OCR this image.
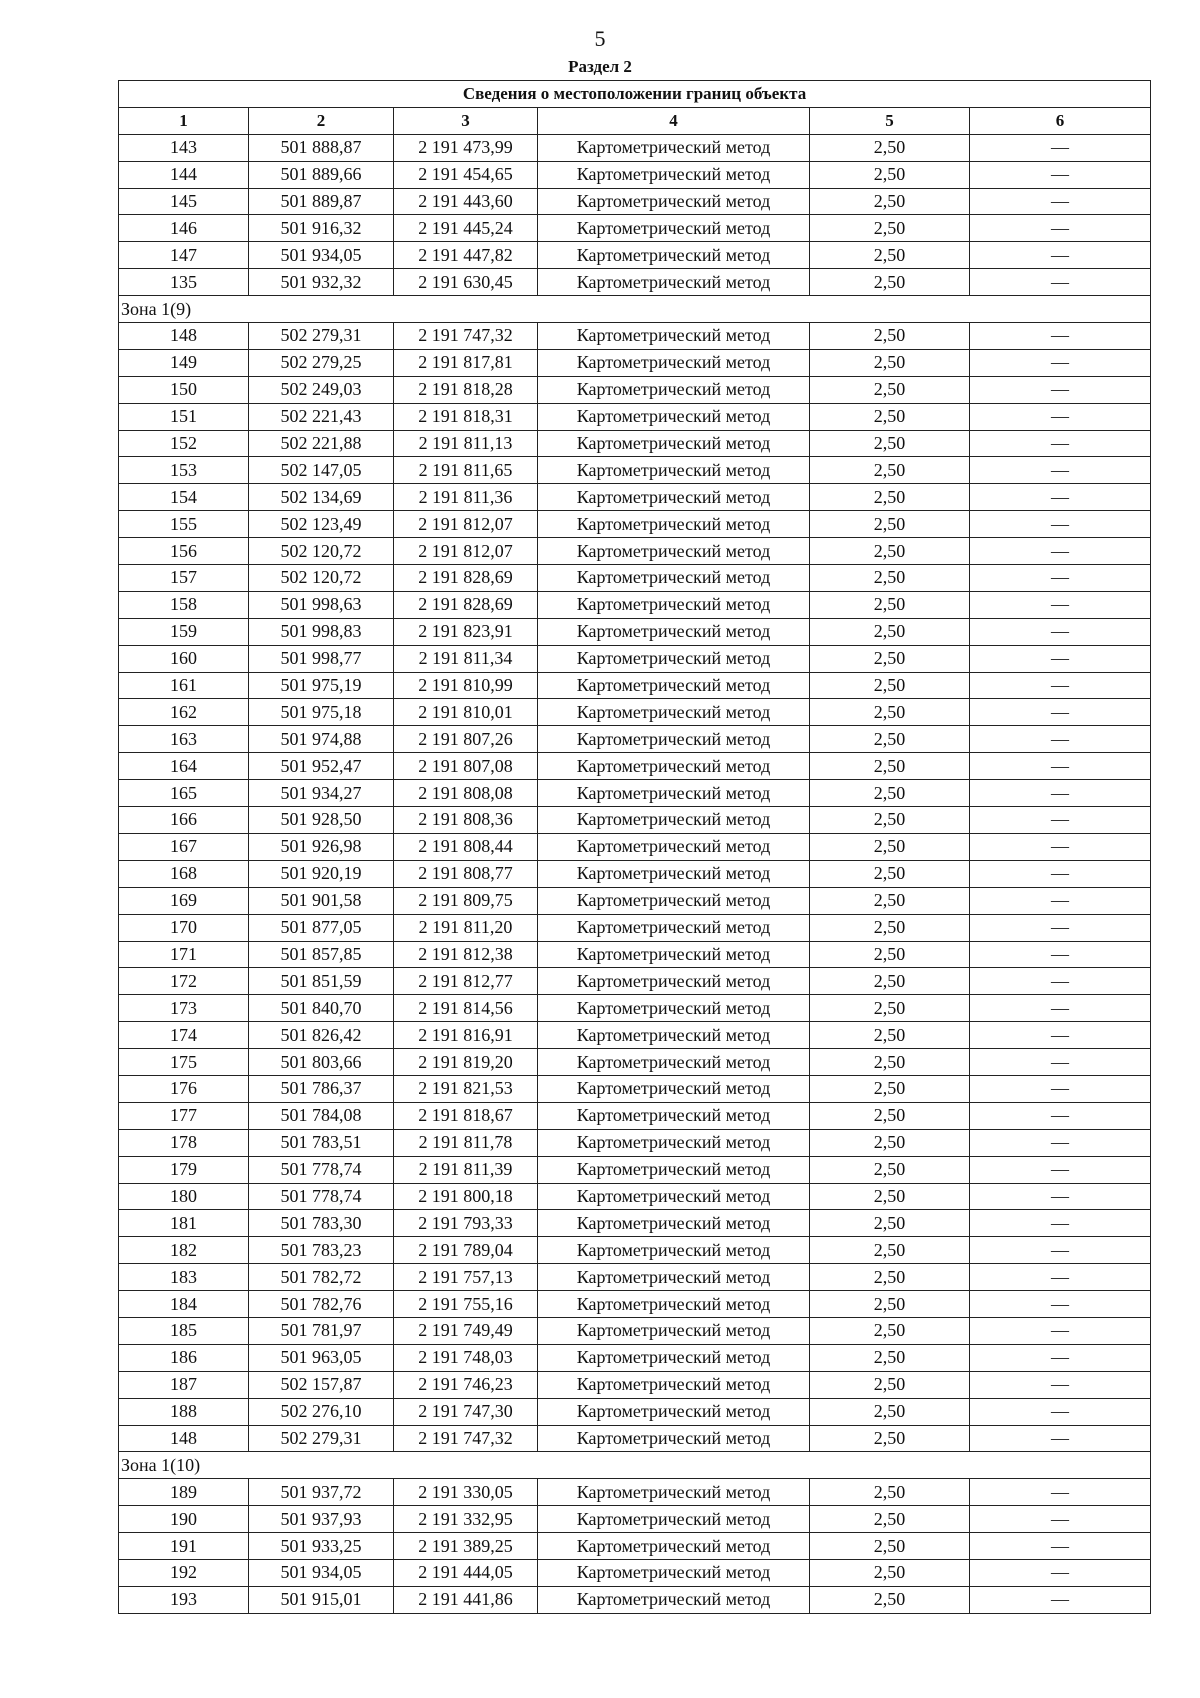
5
Раздел 2
Сведения о местоположении границ объекта					
1	2	3	4	5	6
143	501 888,87	2 191 473,99	Картометрический метод	2,50	—
144	501 889,66	2 191 454,65	Картометрический метод	2,50	—
145	501 889,87	2 191 443,60	Картометрический метод	2,50	—
146	501 916,32	2 191 445,24	Картометрический метод	2,50	—
147	501 934,05	2 191 447,82	Картометрический метод	2,50	—
135	501 932,32	2 191 630,45	Картометрический метод	2,50	—
Зона 1(9)					
148	502 279,31	2 191 747,32	Картометрический метод	2,50	—
149	502 279,25	2 191 817,81	Картометрический метод	2,50	—
150	502 249,03	2 191 818,28	Картометрический метод	2,50	—
151	502 221,43	2 191 818,31	Картометрический метод	2,50	—
152	502 221,88	2 191 811,13	Картометрический метод	2,50	—
153	502 147,05	2 191 811,65	Картометрический метод	2,50	—
154	502 134,69	2 191 811,36	Картометрический метод	2,50	—
155	502 123,49	2 191 812,07	Картометрический метод	2,50	—
156	502 120,72	2 191 812,07	Картометрический метод	2,50	—
157	502 120,72	2 191 828,69	Картометрический метод	2,50	—
158	501 998,63	2 191 828,69	Картометрический метод	2,50	—
159	501 998,83	2 191 823,91	Картометрический метод	2,50	—
160	501 998,77	2 191 811,34	Картометрический метод	2,50	—
161	501 975,19	2 191 810,99	Картометрический метод	2,50	—
162	501 975,18	2 191 810,01	Картометрический метод	2,50	—
163	501 974,88	2 191 807,26	Картометрический метод	2,50	—
164	501 952,47	2 191 807,08	Картометрический метод	2,50	—
165	501 934,27	2 191 808,08	Картометрический метод	2,50	—
166	501 928,50	2 191 808,36	Картометрический метод	2,50	—
167	501 926,98	2 191 808,44	Картометрический метод	2,50	—
168	501 920,19	2 191 808,77	Картометрический метод	2,50	—
169	501 901,58	2 191 809,75	Картометрический метод	2,50	—
170	501 877,05	2 191 811,20	Картометрический метод	2,50	—
171	501 857,85	2 191 812,38	Картометрический метод	2,50	—
172	501 851,59	2 191 812,77	Картометрический метод	2,50	—
173	501 840,70	2 191 814,56	Картометрический метод	2,50	—
174	501 826,42	2 191 816,91	Картометрический метод	2,50	—
175	501 803,66	2 191 819,20	Картометрический метод	2,50	—
176	501 786,37	2 191 821,53	Картометрический метод	2,50	—
177	501 784,08	2 191 818,67	Картометрический метод	2,50	—
178	501 783,51	2 191 811,78	Картометрический метод	2,50	—
179	501 778,74	2 191 811,39	Картометрический метод	2,50	—
180	501 778,74	2 191 800,18	Картометрический метод	2,50	—
181	501 783,30	2 191 793,33	Картометрический метод	2,50	—
182	501 783,23	2 191 789,04	Картометрический метод	2,50	—
183	501 782,72	2 191 757,13	Картометрический метод	2,50	—
184	501 782,76	2 191 755,16	Картометрический метод	2,50	—
185	501 781,97	2 191 749,49	Картометрический метод	2,50	—
186	501 963,05	2 191 748,03	Картометрический метод	2,50	—
187	502 157,87	2 191 746,23	Картометрический метод	2,50	—
188	502 276,10	2 191 747,30	Картометрический метод	2,50	—
148	502 279,31	2 191 747,32	Картометрический метод	2,50	—
Зона 1(10)					
189	501 937,72	2 191 330,05	Картометрический метод	2,50	—
190	501 937,93	2 191 332,95	Картометрический метод	2,50	—
191	501 933,25	2 191 389,25	Картометрический метод	2,50	—
192	501 934,05	2 191 444,05	Картометрический метод	2,50	—
193	501 915,01	2 191 441,86	Картометрический метод	2,50	—
